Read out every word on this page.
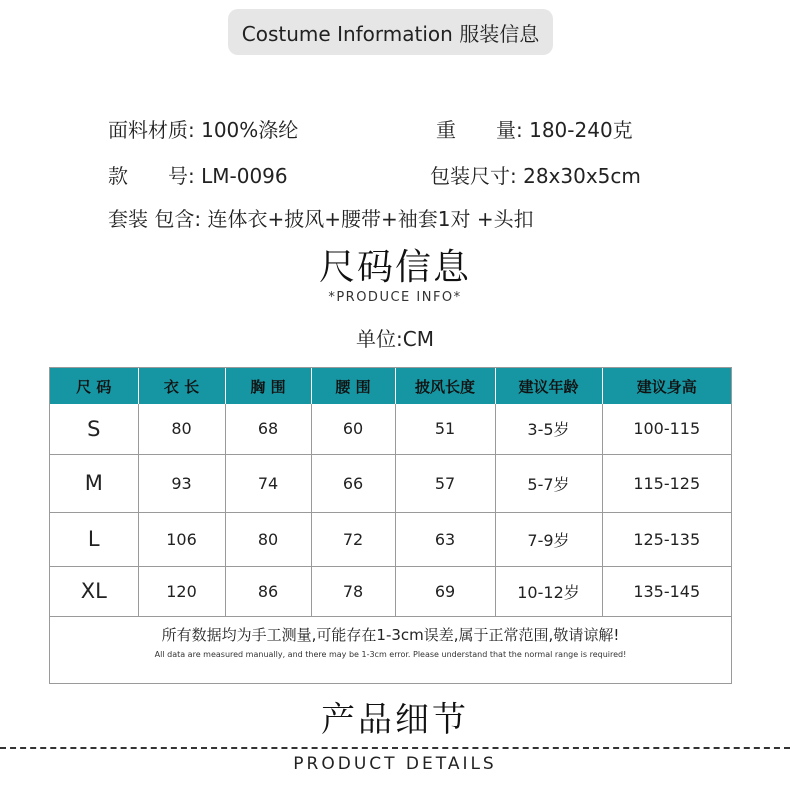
Costume Information 服装信息
面料材质: 100%涤纶	重　　量: 180-240克
款　　号: LM-0096	包装尺寸: 28x30x5cm
套装 包含: 连体衣+披风+腰带+袖套1对 +头扣
尺码信息
*PRODUCE INFO*
单位:CM
尺 码	衣 长	胸 围	腰 围	披风长度	建议年龄	建议身高
S	80	68	60	51	3-5岁	100-115
M	93	74	66	57	5-7岁	115-125
L	106	80	72	63	7-9岁	125-135
XL	120	86	78	69	10-12岁	135-145
所有数据均为手工测量,可能存在1-3cm误差,属于正常范围,敬请谅解!
All data are measured manually, and there may be 1-3cm error. Please understand that the normal range is required!
产品细节
PRODUCT DETAILS
